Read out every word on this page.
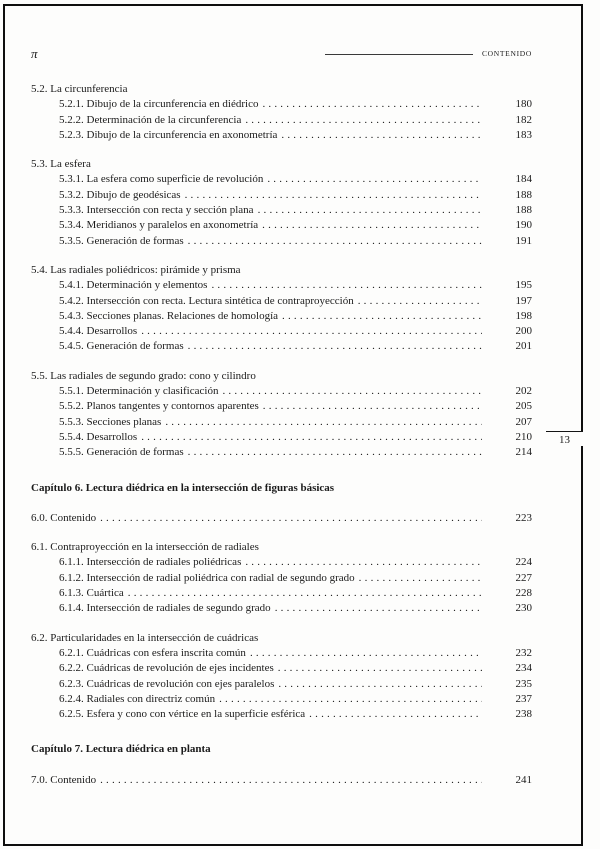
π	CONTENIDO
5.2. La circunferencia
5.2.1. Dibujo de la circunferencia en diédrico .....	180
5.2.2. Determinación de la circunferencia .....	182
5.2.3. Dibujo de la circunferencia en axonometría .....	183
5.3. La esfera
5.3.1. La esfera como superficie de revolución .....	184
5.3.2. Dibujo de geodésicas .....	188
5.3.3. Intersección con recta y sección plana .....	188
5.3.4. Meridianos y paralelos en axonometría .....	190
5.3.5. Generación de formas .....	191
5.4. Las radiales poliédricos: pirámide y prisma
5.4.1. Determinación y elementos .....	195
5.4.2. Intersección con recta. Lectura sintética de contraproyección .....	197
5.4.3. Secciones planas. Relaciones de homología .....	198
5.4.4. Desarrollos .....	200
5.4.5. Generación de formas .....	201
5.5. Las radiales de segundo grado: cono y cilindro
5.5.1. Determinación y clasificación .....	202
5.5.2. Planos tangentes y contornos aparentes .....	205
5.5.3. Secciones planas .....	207
5.5.4. Desarrollos .....	210
5.5.5. Generación de formas .....	214
Capítulo 6. Lectura diédrica en la intersección de figuras básicas
6.0. Contenido .....	223
6.1. Contraproyección en la intersección de radiales
6.1.1. Intersección de radiales poliédricas .....	224
6.1.2. Intersección de radial poliédrica con radial de segundo grado .....	227
6.1.3. Cuártica .....	228
6.1.4. Intersección de radiales de segundo grado .....	230
6.2. Particularidades en la intersección de cuádricas
6.2.1. Cuádricas con esfera inscrita común .....	232
6.2.2. Cuádricas de revolución de ejes incidentes .....	234
6.2.3. Cuádricas de revolución con ejes paralelos .....	235
6.2.4. Radiales con directriz común .....	237
6.2.5. Esfera y cono con vértice en la superficie esférica .....	238
Capítulo 7. Lectura diédrica en planta
7.0. Contenido .....	241
13
